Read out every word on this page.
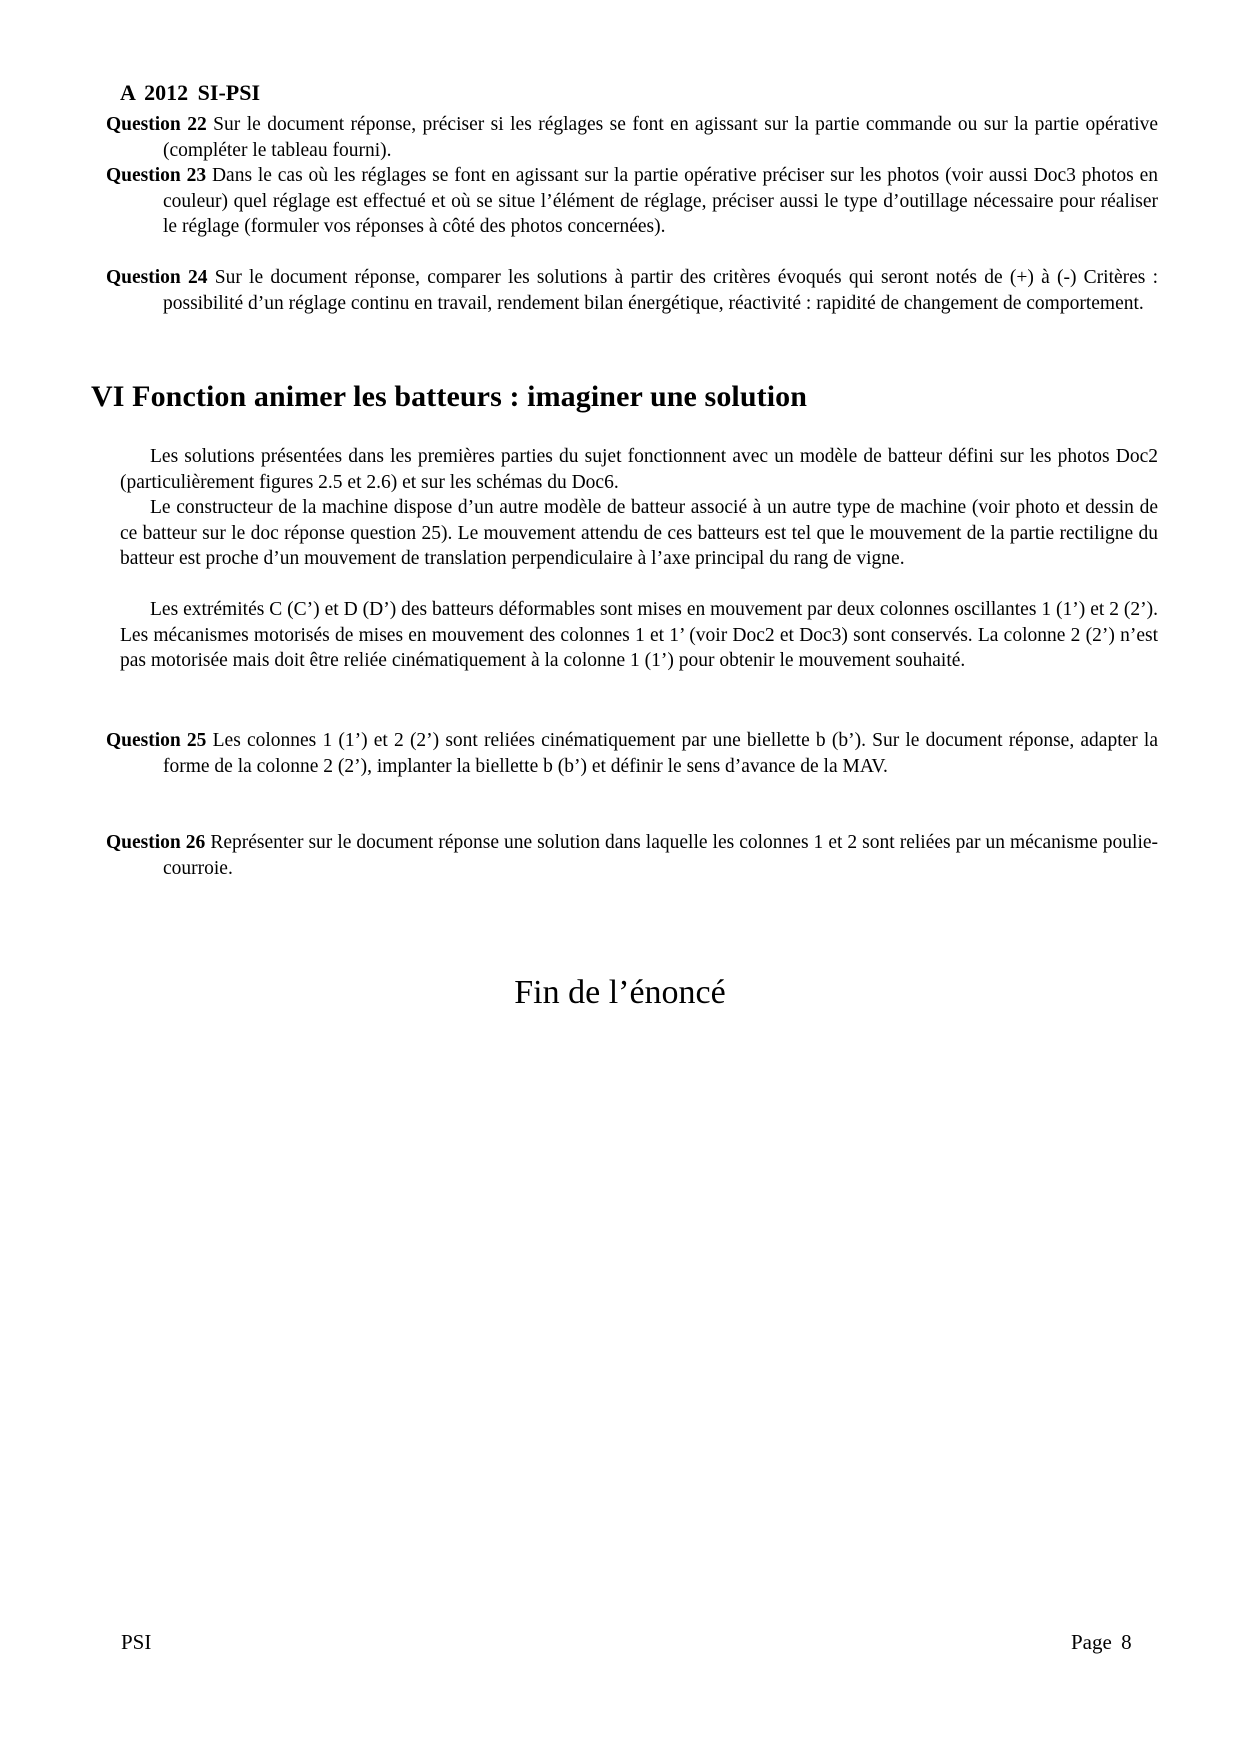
A 2012 SI-PSI
Question 22 Sur le document réponse, préciser si les réglages se font en agissant sur la partie commande ou sur la partie opérative (compléter le tableau fourni).
Question 23 Dans le cas où les réglages se font en agissant sur la partie opérative préciser sur les photos (voir aussi Doc3 photos en couleur) quel réglage est effectué et où se situe l’élément de réglage, préciser aussi le type d’outillage nécessaire pour réaliser le réglage (formuler vos réponses à côté des photos concernées).
Question 24 Sur le document réponse, comparer les solutions à partir des critères évoqués qui seront notés de (+) à (-) Critères : possibilité d’un réglage continu en travail, rendement bilan énergétique, réactivité : rapidité de changement de comportement.
VI Fonction animer les batteurs : imaginer une solution
Les solutions présentées dans les premières parties du sujet fonctionnent avec un modèle de batteur défini sur les photos Doc2 (particulièrement figures 2.5 et 2.6) et sur les schémas du Doc6.
Le constructeur de la machine dispose d’un autre modèle de batteur associé à un autre type de machine (voir photo et dessin de ce batteur sur le doc réponse question 25). Le mouvement attendu de ces batteurs est tel que le mouvement de la partie rectiligne du batteur est proche d’un mouvement de translation perpendiculaire à l’axe principal du rang de vigne.
Les extrémités C (C’) et D (D’) des batteurs déformables sont mises en mouvement par deux colonnes oscillantes 1 (1’) et 2 (2’). Les mécanismes motorisés de mises en mouvement des colonnes 1 et 1’ (voir Doc2 et Doc3) sont conservés. La colonne 2 (2’) n’est pas motorisée mais doit être reliée cinématiquement à la colonne 1 (1’) pour obtenir le mouvement souhaité.
Question 25 Les colonnes 1 (1’) et 2 (2’) sont reliées cinématiquement par une biellette b (b’). Sur le document réponse, adapter la forme de la colonne 2 (2’), implanter la biellette b (b’) et définir le sens d’avance de la MAV.
Question 26 Représenter sur le document réponse une solution dans laquelle les colonnes 1 et 2 sont reliées par un mécanisme poulie-courroie.
Fin de l’énoncé
PSI	Page 8
